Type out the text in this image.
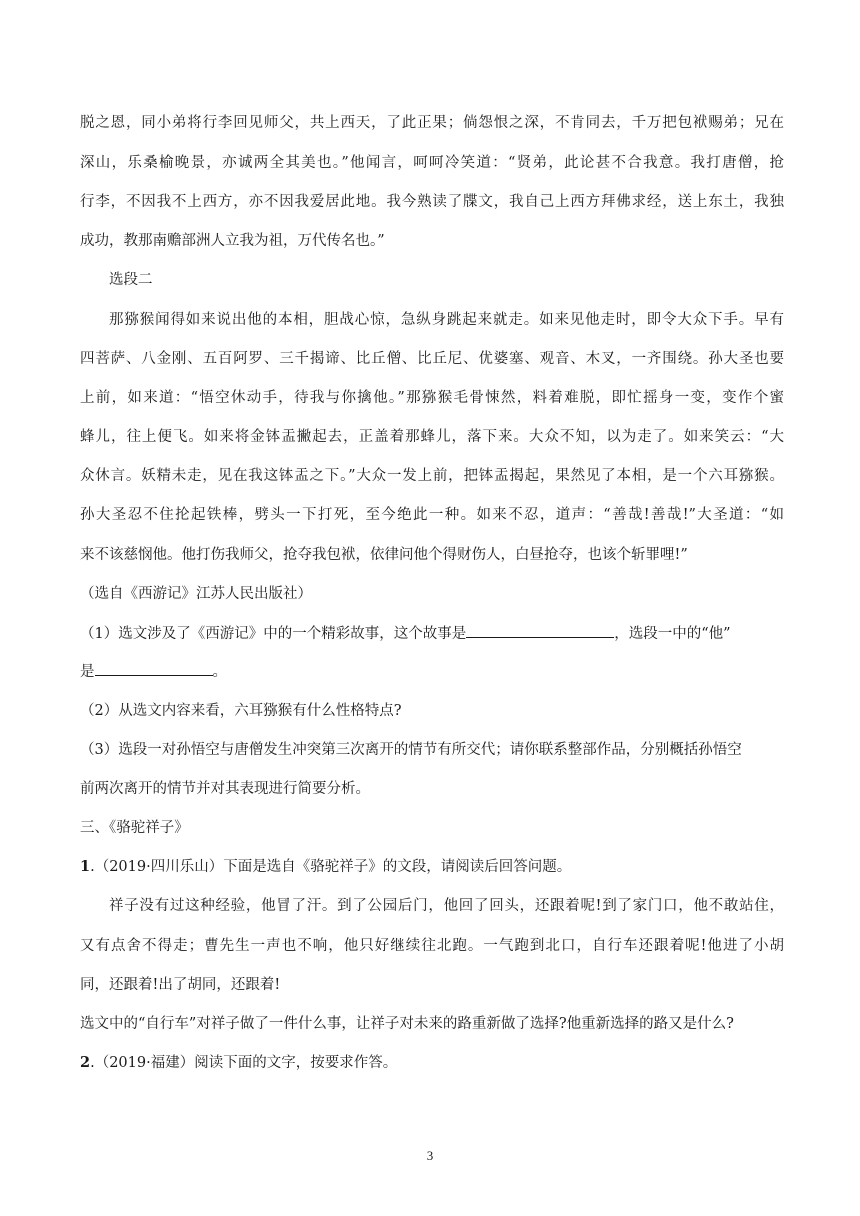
脱之恩，同小弟将行李回见师父，共上西天，了此正果；倘怨恨之深，不肯同去，千万把包袱赐弟；兄在
深山，乐桑榆晚景，亦诚两全其美也。”他闻言，呵呵冷笑道：“贤弟，此论甚不合我意。我打唐僧，抢
行李，不因我不上西方，亦不因我爱居此地。我今熟读了牒文，我自己上西方拜佛求经，送上东土，我独
成功，教那南赡部洲人立我为祖，万代传名也。”
选段二
那猕猴闻得如来说出他的本相，胆战心惊，急纵身跳起来就走。如来见他走时，即令大众下手。早有
四菩萨、八金刚、五百阿罗、三千揭谛、比丘僧、比丘尼、优婆塞、观音、木叉，一齐围绕。孙大圣也要
上前，如来道：“悟空休动手，待我与你擒他。”那猕猴毛骨悚然，料着难脱，即忙摇身一变，变作个蜜
蜂儿，往上便飞。如来将金钵盂撇起去，正盖着那蜂儿，落下来。大众不知，以为走了。如来笑云：“大
众休言。妖精未走，见在我这钵盂之下。”大众一发上前，把钵盂揭起，果然见了本相，是一个六耳猕猴。
孙大圣忍不住抡起铁棒，劈头一下打死，至今绝此一种。如来不忍，道声：“善哉!善哉!”大圣道：“如
来不该慈悯他。他打伤我师父，抢夺我包袱，依律问他个得财伤人，白昼抢夺，也该个斩罪哩!”
（选自《西游记》江苏人民出版社）
（1）选文涉及了《西游记》中的一个精彩故事，这个故事是	，选段一中的“他”
是	。
（2）从选文内容来看，六耳猕猴有什么性格特点?
（3）选段一对孙悟空与唐僧发生冲突第三次离开的情节有所交代；请你联系整部作品，分别概括孙悟空
前两次离开的情节并对其表现进行简要分析。
三、《骆驼祥子》
1.（2019·四川乐山）下面是选自《骆驼祥子》的文段，请阅读后回答问题。
祥子没有过这种经验，他冒了汗。到了公园后门，他回了回头，还跟着呢!到了家门口，他不敢站住，
又有点舍不得走；曹先生一声也不响，他只好继续往北跑。一气跑到北口，自行车还跟着呢!他进了小胡
同，还跟着!出了胡同，还跟着!
选文中的“自行车”对祥子做了一件什么事，让祥子对未来的路重新做了选择?他重新选择的路又是什么?
2.（2019·福建）阅读下面的文字，按要求作答。
3
